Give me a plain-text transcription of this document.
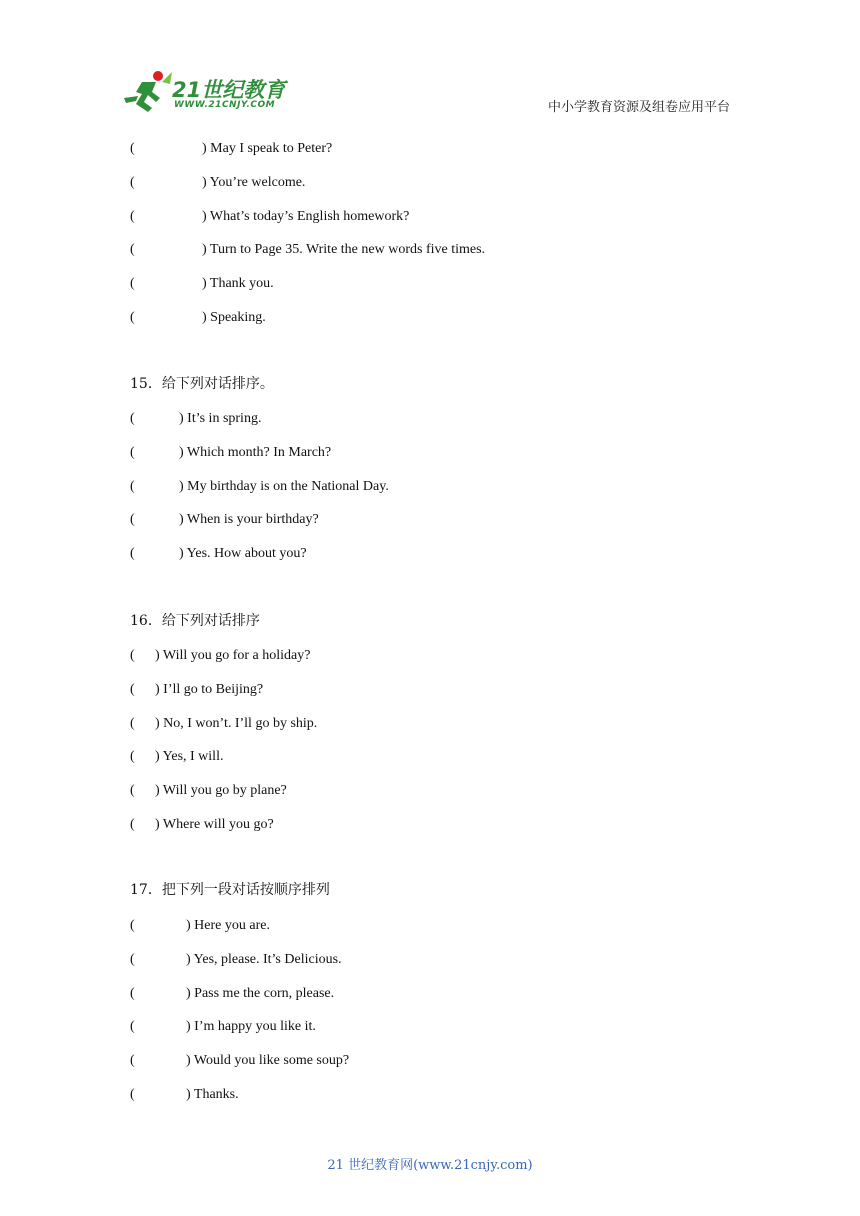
21世纪教育
WWW.21CNJY.COM	中小学教育资源及组卷应用平台
(	) May I speak to Peter?
(	) You’re welcome.
(	) What’s today’s English homework?
(	) Turn to Page 35. Write the new words five times.
(	) Thank you.
(	) Speaking.
15．给下列对话排序。
(	) It’s in spring.
(	) Which month? In March?
(	) My birthday is on the National Day.
(	) When is your birthday?
(	) Yes. How about you?
16．给下列对话排序
( ) Will you go for a holiday?
( ) I’ll go to Beijing?
( ) No, I won’t. I’ll go by ship.
( ) Yes, I will.
( ) Will you go by plane?
( ) Where will you go?
17．把下列一段对话按顺序排列
(	) Here you are.
(	) Yes, please. It’s Delicious.
(	) Pass me the corn, please.
(	) I’m happy you like it.
(	) Would you like some soup?
(	) Thanks.
21 世纪教育网(www.21cnjy.com)
